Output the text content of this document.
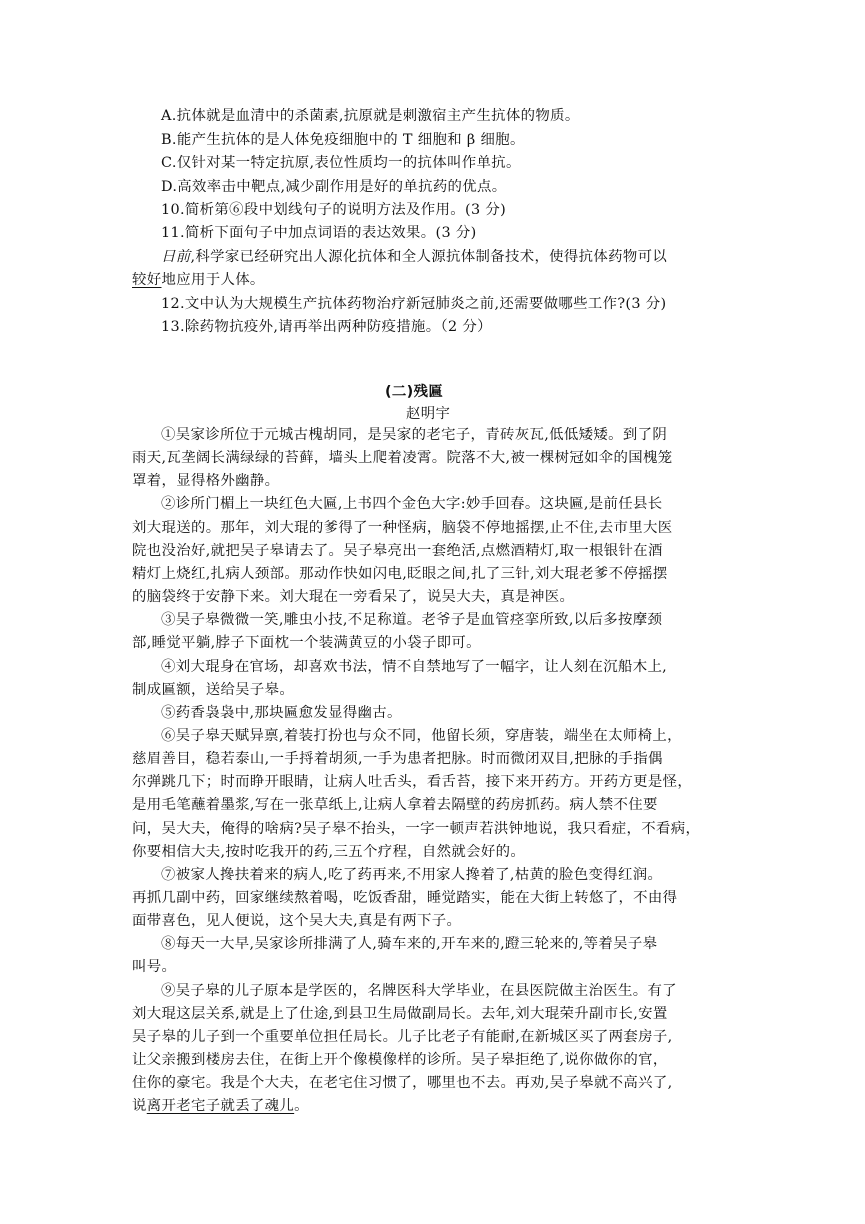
A.抗体就是血清中的杀菌素,抗原就是刺激宿主产生抗体的物质。
B.能产生抗体的是人体免疫细胞中的 T 细胞和 β 细胞。
C.仅针对某一特定抗原,表位性质均一的抗体叫作单抗。
D.高效率击中靶点,减少副作用是好的单抗药的优点。
10.简析第⑥段中划线句子的说明方法及作用。(3 分)
11.简析下面句子中加点词语的表达效果。(3 分)
日前,科学家已经研究出人源化抗体和全人源抗体制备技术，使得抗体药物可以
较好地应用于人体。
12.文中认为大规模生产抗体药物治疗新冠肺炎之前,还需要做哪些工作?(3 分)
13.除药物抗疫外,请再举出两种防疫措施。（2 分）
(二)残匾
赵明宇
①吴家诊所位于元城古槐胡同，是吴家的老宅子，青砖灰瓦,低低矮矮。到了阴
雨天,瓦垄阔长满绿绿的苔藓，墙头上爬着凌霄。院落不大,被一棵树冠如伞的国槐笼
罩着，显得格外幽静。
②诊所门楣上一块红色大匾,上书四个金色大字:妙手回春。这块匾,是前任县长
刘大琨送的。那年，刘大琨的爹得了一种怪病，脑袋不停地摇摆,止不住,去市里大医
院也没治好,就把吴子皋请去了。吴子皋亮出一套绝活,点燃酒精灯,取一根银针在酒
精灯上烧红,扎病人颈部。那动作快如闪电,眨眼之间,扎了三针,刘大琨老爹不停摇摆
的脑袋终于安静下来。刘大琨在一旁看呆了，说吴大夫，真是神医。
③吴子皋微微一笑,雕虫小技,不足称道。老爷子是血管痉挛所致,以后多按摩颈
部,睡觉平躺,脖子下面枕一个装满黄豆的小袋子即可。
④刘大琨身在官场，却喜欢书法，情不自禁地写了一幅字，让人刻在沉船木上,
制成匾额，送给吴子皋。
⑤药香袅袅中,那块匾愈发显得幽古。
⑥吴子皋天赋异禀,着装打扮也与众不同，他留长须，穿唐装，端坐在太师椅上，
慈眉善目，稳若泰山,一手捋着胡须,一手为患者把脉。时而微闭双目,把脉的手指偶
尔弹跳几下；时而睁开眼睛，让病人吐舌头，看舌苔，接下来开药方。开药方更是怪，
是用毛笔蘸着墨浆,写在一张草纸上,让病人拿着去隔壁的药房抓药。病人禁不住要
问，吴大夫，俺得的啥病?吴子皋不抬头，一字一顿声若洪钟地说，我只看症，不看病，
你要相信大夫,按时吃我开的药,三五个疗程，自然就会好的。
⑦被家人搀扶着来的病人,吃了药再来,不用家人搀着了,枯黄的脸色变得红润。
再抓几副中药，回家继续熬着喝，吃饭香甜，睡觉踏实，能在大街上转悠了，不由得
面带喜色，见人便说，这个吴大夫,真是有两下子。
⑧每天一大早,吴家诊所排满了人,骑车来的,开车来的,蹬三轮来的,等着吴子皋
叫号。
⑨吴子皋的儿子原本是学医的，名牌医科大学毕业，在县医院做主治医生。有了
刘大琨这层关系,就是上了仕途,到县卫生局做副局长。去年,刘大琨荣升副市长,安置
吴子皋的儿子到一个重要单位担任局长。儿子比老子有能耐,在新城区买了两套房子,
让父亲搬到楼房去住，在街上开个像模像样的诊所。吴子皋拒绝了,说你做你的官，
住你的豪宅。我是个大夫，在老宅住习惯了，哪里也不去。再劝,吴子皋就不高兴了,
说离开老宅子就丢了魂儿。
